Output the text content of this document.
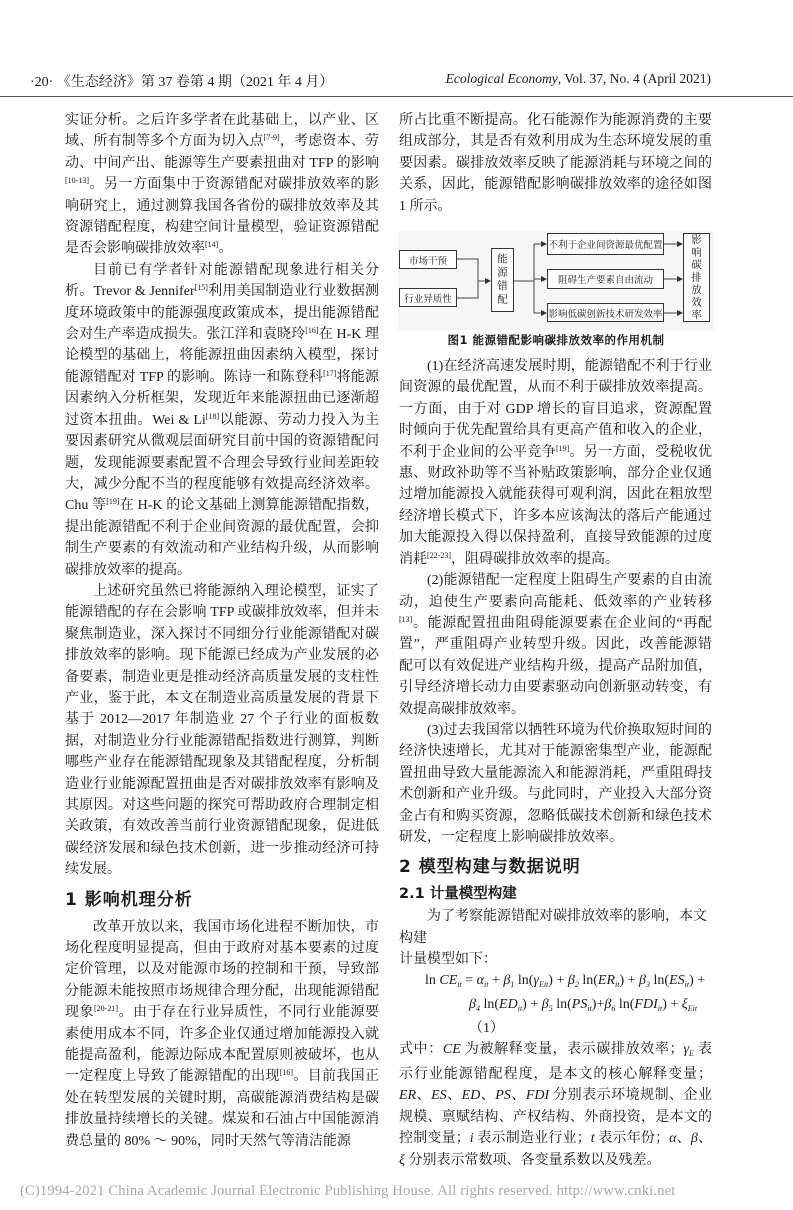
·20· 《生态经济》第 37 卷第 4 期（2021 年 4 月）	Ecological Economy, Vol. 37, No. 4 (April 2021)

实证分析。之后许多学者在此基础上，以产业、区域、所有制等多个方面为切入点[7-9]，考虑资本、劳动、中间产出、能源等生产要素扭曲对 TFP 的影响[10-13]。另一方面集中于资源错配对碳排放效率的影响研究上，通过测算我国各省份的碳排放效率及其资源错配程度，构建空间计量模型，验证资源错配是否会影响碳排放效率[14]。

目前已有学者针对能源错配现象进行相关分析。Trevor & Jennifer[15]利用美国制造业行业数据测度环境政策中的能源强度政策成本，提出能源错配会对生产率造成损失。张江洋和袁晓玲[16]在 H-K 理论模型的基础上，将能源扭曲因素纳入模型，探讨能源错配对 TFP 的影响。陈诗一和陈登科[17]将能源因素纳入分析框架，发现近年来能源扭曲已逐渐超过资本扭曲。Wei & Li[18]以能源、劳动力投入为主要因素研究从微观层面研究目前中国的资源错配问题，发现能源要素配置不合理会导致行业间差距较大，减少分配不当的程度能够有效提高经济效率。Chu 等[19]在 H-K 的论文基础上测算能源错配指数，提出能源错配不利于企业间资源的最优配置，会抑制生产要素的有效流动和产业结构升级，从而影响碳排放效率的提高。

上述研究虽然已将能源纳入理论模型，证实了能源错配的存在会影响 TFP 或碳排放效率，但并未聚焦制造业，深入探讨不同细分行业能源错配对碳排放效率的影响。现下能源已经成为产业发展的必备要素，制造业更是推动经济高质量发展的支柱性产业，鉴于此，本文在制造业高质量发展的背景下基于 2012—2017 年制造业 27 个子行业的面板数据，对制造业分行业能源错配指数进行测算，判断哪些产业存在能源错配现象及其错配程度，分析制造业行业能源配置扭曲是否对碳排放效率有影响及其原因。对这些问题的探究可帮助政府合理制定相关政策，有效改善当前行业资源错配现象，促进低碳经济发展和绿色技术创新，进一步推动经济可持续发展。

1 影响机理分析

改革开放以来，我国市场化进程不断加快，市场化程度明显提高，但由于政府对基本要素的过度定价管理，以及对能源市场的控制和干预，导致部分能源未能按照市场规律合理分配，出现能源错配现象[20-21]。由于存在行业异质性，不同行业能源要素使用成本不同，许多企业仅通过增加能源投入就能提高盈利，能源边际成本配置原则被破坏，也从一定程度上导致了能源错配的出现[16]。目前我国正处在转型发展的关键时期，高碳能源消费结构是碳排放量持续增长的关键。煤炭和石油占中国能源消费总量的 80% ～ 90%，同时天然气等清洁能源

所占比重不断提高。化石能源作为能源消费的主要组成部分，其是否有效利用成为生态环境发展的重要因素。碳排放效率反映了能源消耗与环境之间的关系，因此，能源错配影响碳排放效率的途径如图 1 所示。

市场干预
行业异质性	能源错配
不利于企业间资源最优配置
阻碍生产要素自由流动
影响低碳创新技术研发效率	影响碳排放效率
图1 能源错配影响碳排放效率的作用机制

(1)在经济高速发展时期，能源错配不利于行业间资源的最优配置，从而不利于碳排放效率提高。一方面，由于对 GDP 增长的盲目追求，资源配置时倾向于优先配置给具有更高产值和收入的企业，不利于企业间的公平竞争[19]。另一方面，受税收优惠、财政补助等不当补贴政策影响，部分企业仅通过增加能源投入就能获得可观利润，因此在粗放型经济增长模式下，许多本应该淘汰的落后产能通过加大能源投入得以保持盈利，直接导致能源的过度消耗[22-23]，阻碍碳排放效率的提高。

(2)能源错配一定程度上阻碍生产要素的自由流动，迫使生产要素向高能耗、低效率的产业转移[13]。能源配置扭曲阻碍能源要素在企业间的“再配置”，严重阻碍产业转型升级。因此，改善能源错配可以有效促进产业结构升级，提高产品附加值，引导经济增长动力由要素驱动向创新驱动转变，有效提高碳排放效率。

(3)过去我国常以牺牲环境为代价换取短时间的经济快速增长，尤其对于能源密集型产业，能源配置扭曲导致大量能源流入和能源消耗，严重阻碍技术创新和产业升级。与此同时，产业投入大部分资金占有和购买资源，忽略低碳技术创新和绿色技术研发，一定程度上影响碳排放效率。

2 模型构建与数据说明
2.1 计量模型构建

为了考察能源错配对碳排放效率的影响，本文构建

计量模型如下：

$\ln CE_{it} = \alpha_{it} + \beta_1$ $\ln(\gamma_{Eit}) + \beta_2$ $\ln(ER_{it}) + \beta_3$ $\ln(ES_{it})$ +
$\beta_4$ $\ln(ED_{it}) + \beta_5$ $\ln(PS_{it})+\beta_6$ $\ln(FDI_{it}) + \xi_{Eit}$ （1）

式中：CE 为被解释变量，表示碳排放效率；$\gamma_E$ 表示行业能源错配程度，是本文的核心解释变量；ER、ES、ED、PS、FDI 分别表示环境规制、企业规模、禀赋结构、产权结构、外商投资，是本文的控制变量；i 表示制造业行业；t 表示年份；α、β、ξ 分别表示常数项、各变量系数以及残差。

(C)1994-2021 China Academic Journal Electronic Publishing House. All rights reserved. http://www.cnki.net
